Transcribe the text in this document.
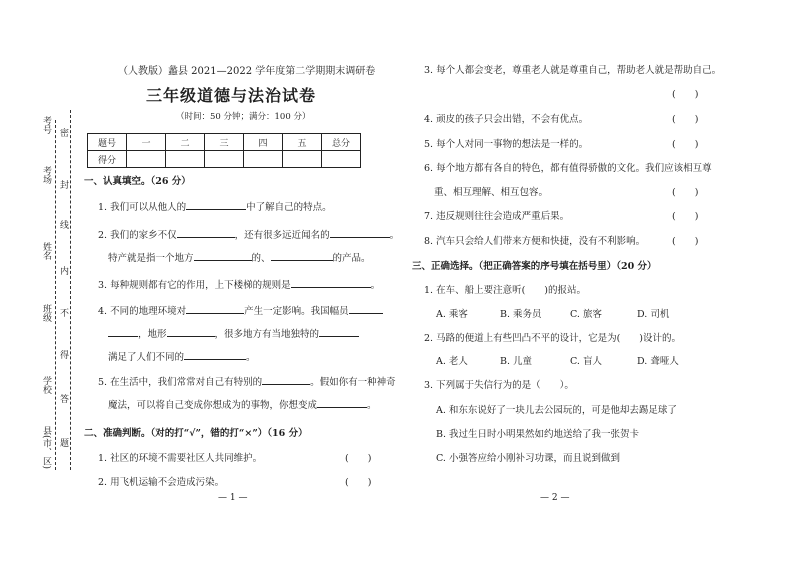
考号
考场
姓名
班级
学校
县(市、区)
密
封
线
内
不
得
答
题
（人教版）蠡县 2021—2022 学年度第二学期期末调研卷
三年级道德与法治试卷
（时间：50 分钟；满分：100 分）
题号	一	二	三	四	五	总分
得分						
一、认真填空。（26 分）
1. 我们可以从他人的	中了解自己的特点。
2. 我们的家乡不仅	，还有很多远近闻名的	。
特产就是指一个地方	的、	的产品。
3. 每种规则都有它的作用，上下楼梯的规则是	。
4. 不同的地理环境对	产生一定影响。我国幅员
，地形	，很多地方有当地独特的
满足了人们不同的	。
5. 在生活中，我们常常对自己有特别的	。假如你有一种神奇
魔法，可以将自己变成你想成为的事物，你想变成	。
二、准确判断。（对的打“√”，错的打“×”）（16 分）
1. 社区的环境不需要社区人共同维护。	(　　)
2. 用飞机运输不会造成污染。	(　　)
— 1 —
3. 每个人都会变老，尊重老人就是尊重自己，帮助老人就是帮助自己。
(　　)
4. 顽皮的孩子只会出错，不会有优点。	(　　)
5. 每个人对同一事物的想法是一样的。	(　　)
6. 每个地方都有各自的特色，都有值得骄傲的文化。我们应该相互尊
重、相互理解、相互包容。	(　　)
7. 违反规则往往会造成严重后果。	(　　)
8. 汽车只会给人们带来方便和快捷，没有不利影响。	(　　)
三、正确选择。（把正确答案的序号填在括号里）（20 分）
1. 在车、船上要注意听(　　)的报站。
A. 乘客	B. 乘务员	C. 旅客	D. 司机
2. 马路的便道上有些凹凸不平的设计，它是为(　　)设计的。
A. 老人	B. 儿童	C. 盲人	D. 聋哑人
3. 下列属于失信行为的是（　　）。
A. 和东东说好了一块儿去公园玩的，可是他却去踢足球了
B. 我过生日时小明果然如约地送给了我一张贺卡
C. 小强答应给小刚补习功课，而且说到做到
— 2 —
